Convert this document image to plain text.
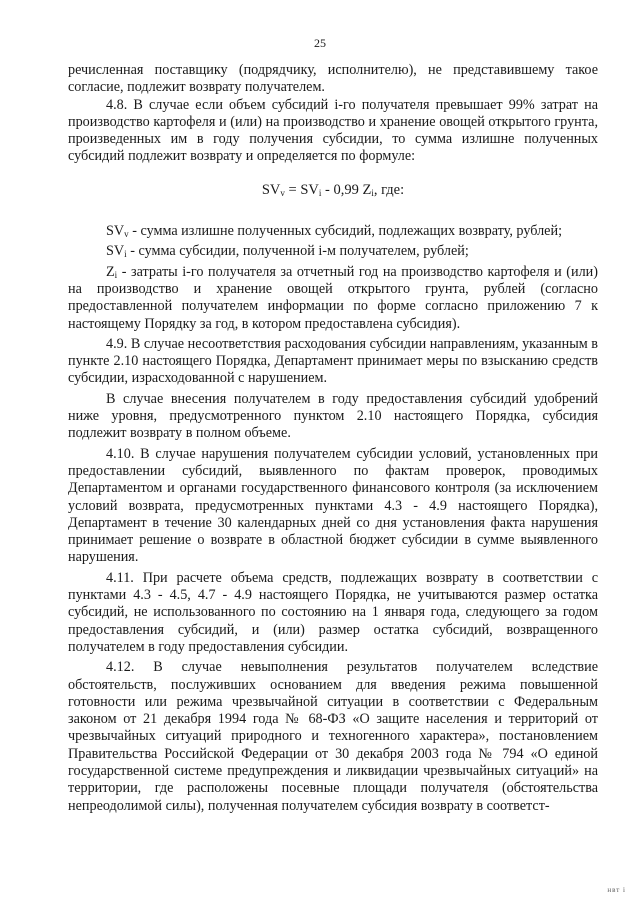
25

речисленная поставщику (подрядчику, исполнителю), не представившему такое согласие, подлежит возврату получателем.

4.8. В случае если объем субсидий i-го получателя превышает 99% затрат на производство картофеля и (или) на производство и хранение овощей открытого грунта, произведенных им в году получения субсидии, то сумма излишне полученных субсидий подлежит возврату и определяется по формуле:

$SV_v = SV_i - 0,99$ $Z_i$, где:

$SV_v$ - сумма излишне полученных субсидий, подлежащих возврату, рублей;

$SV_i$ - сумма субсидии, полученной i-м получателем, рублей;

$Z_i$ - затраты i-го получателя за отчетный год на производство картофеля и (или) на производство и хранение овощей открытого грунта, рублей (согласно предоставленной получателем информации по форме согласно приложению 7 к настоящему Порядку за год, в котором предоставлена субсидия).

4.9. В случае несоответствия расходования субсидии направлениям, указанным в пункте 2.10 настоящего Порядка, Департамент принимает меры по взысканию средств субсидии, израсходованной с нарушением.

В случае внесения получателем в году предоставления субсидий удобрений ниже уровня, предусмотренного пунктом 2.10 настоящего Порядка, субсидия подлежит возврату в полном объеме.

4.10. В случае нарушения получателем субсидии условий, установленных при предоставлении субсидий, выявленного по фактам проверок, проводимых Департаментом и органами государственного финансового контроля (за исключением условий возврата, предусмотренных пунктами 4.3 - 4.9 настоящего Порядка), Департамент в течение 30 календарных дней со дня установления факта нарушения принимает решение о возврате в областной бюджет субсидии в сумме выявленного нарушения.

4.11. При расчете объема средств, подлежащих возврату в соответствии с пунктами 4.3 - 4.5, 4.7 - 4.9 настоящего Порядка, не учитываются размер остатка субсидий, не использованного по состоянию на 1 января года, следующего за годом предоставления субсидий, и (или) размер остатка субсидий, возвращенного получателем в году предоставления субсидии.

4.12. В случае невыполнения результатов получателем вследствие обстоятельств, послуживших основанием для введения режима повышенной готовности или режима чрезвычайной ситуации в соответствии с Федеральным законом от 21 декабря 1994 года № 68-ФЗ «О защите населения и территорий от чрезвычайных ситуаций природного и техногенного характера», постановлением Правительства Российской Федерации от 30 декабря 2003 года № 794 «О единой государственной системе предупреждения и ликвидации чрезвычайных ситуаций» на территории, где расположены посевные площади получателя (обстоятельства непреодолимой силы), полученная получателем субсидия возврату в соответст-

нвт і
